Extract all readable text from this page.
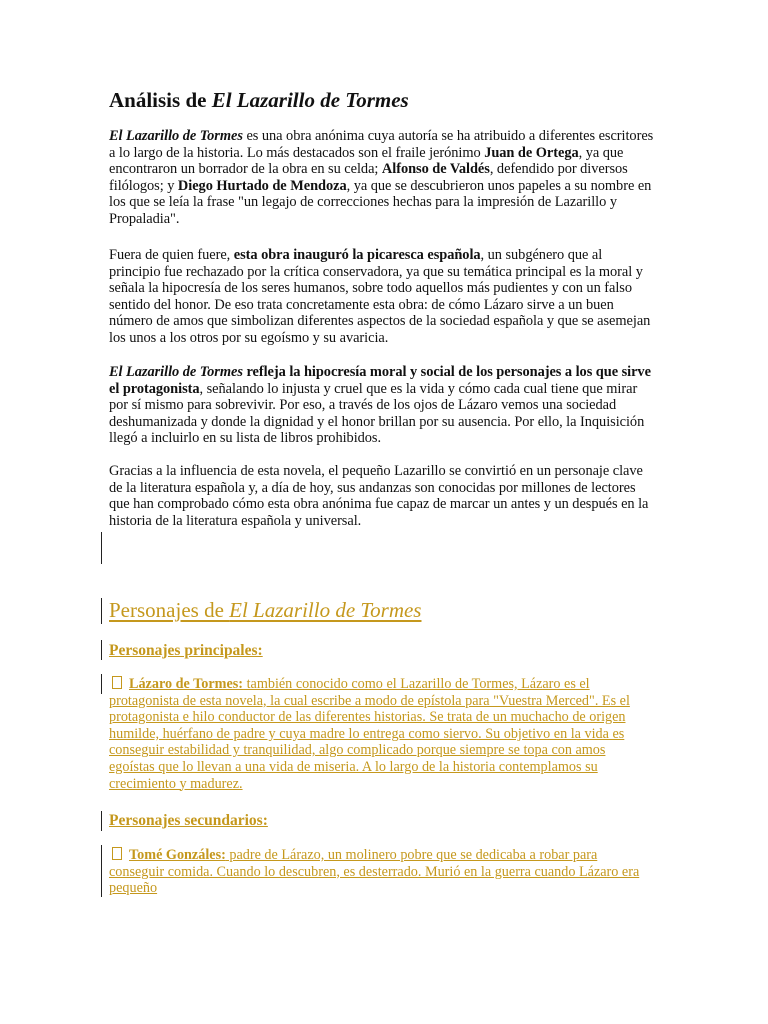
Análisis de El Lazarillo de Tormes
El Lazarillo de Tormes es una obra anónima cuya autoría se ha atribuido a diferentes escritores a lo largo de la historia. Lo más destacados son el fraile jerónimo Juan de Ortega, ya que encontraron un borrador de la obra en su celda; Alfonso de Valdés, defendido por diversos filólogos; y Diego Hurtado de Mendoza, ya que se descubrieron unos papeles a su nombre en los que se leía la frase "un legajo de correcciones hechas para la impresión de Lazarillo y Propaladia".
Fuera de quien fuere, esta obra inauguró la picaresca española, un subgénero que al principio fue rechazado por la crítica conservadora, ya que su temática principal es la moral y señala la hipocresía de los seres humanos, sobre todo aquellos más pudientes y con un falso sentido del honor. De eso trata concretamente esta obra: de cómo Lázaro sirve a un buen número de amos que simbolizan diferentes aspectos de la sociedad española y que se asemejan los unos a los otros por su egoísmo y su avaricia.
El Lazarillo de Tormes refleja la hipocresía moral y social de los personajes a los que sirve el protagonista, señalando lo injusta y cruel que es la vida y cómo cada cual tiene que mirar por sí mismo para sobrevivir. Por eso, a través de los ojos de Lázaro vemos una sociedad deshumanizada y donde la dignidad y el honor brillan por su ausencia. Por ello, la Inquisición llegó a incluirlo en su lista de libros prohibidos.
Gracias a la influencia de esta novela, el pequeño Lazarillo se convirtió en un personaje clave de la literatura española y, a día de hoy, sus andanzas son conocidas por millones de lectores que han comprobado cómo esta obra anónima fue capaz de marcar un antes y un después en la historia de la literatura española y universal.
Personajes de El Lazarillo de Tormes
Personajes principales:
Lázaro de Tormes: también conocido como el Lazarillo de Tormes, Lázaro es el protagonista de esta novela, la cual escribe a modo de epístola para "Vuestra Merced". Es el protagonista e hilo conductor de las diferentes historias. Se trata de un muchacho de origen humilde, huérfano de padre y cuya madre lo entrega como siervo. Su objetivo en la vida es conseguir estabilidad y tranquilidad, algo complicado porque siempre se topa con amos egoístas que lo llevan a una vida de miseria. A lo largo de la historia contemplamos su crecimiento y madurez.
Personajes secundarios:
Tomé Gonzáles: padre de Lárazo, un molinero pobre que se dedicaba a robar para conseguir comida. Cuando lo descubren, es desterrado. Murió en la guerra cuando Lázaro era pequeño
